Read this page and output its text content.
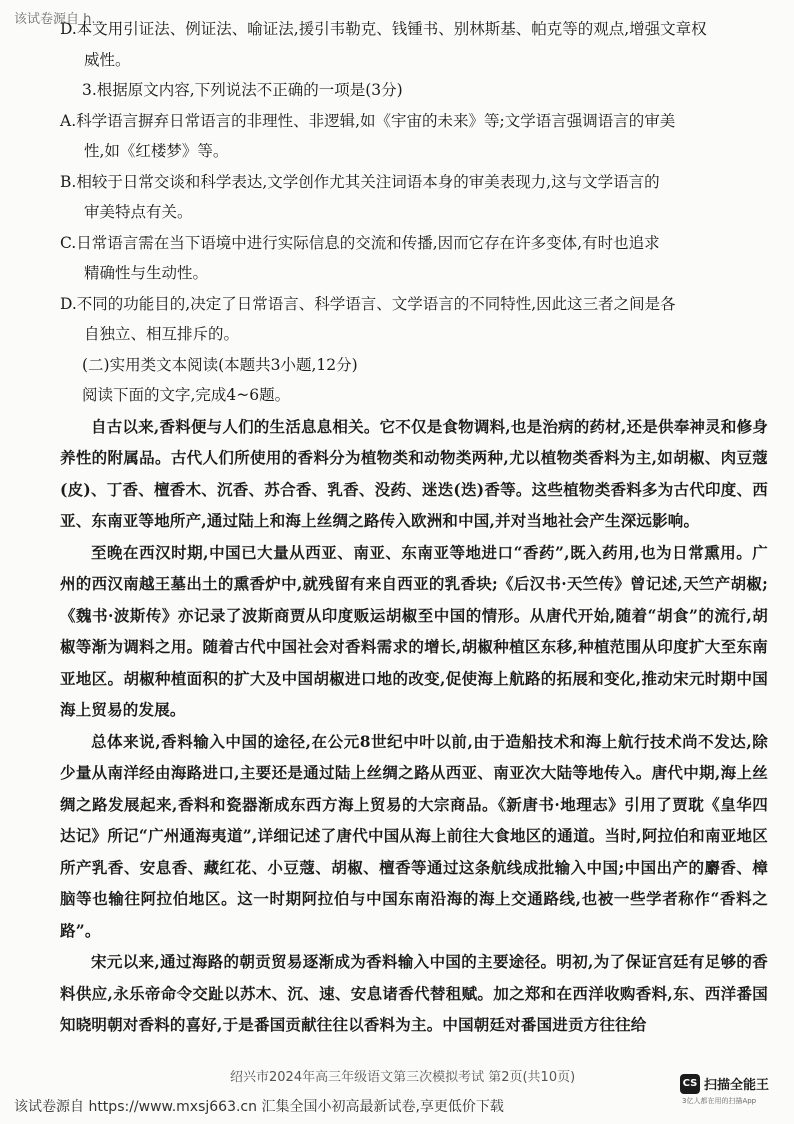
该试卷源自 h...

D.本文用引证法、例证法、喻证法,援引韦勒克、钱锺书、别林斯基、帕克等的观点,增强文章权

威性。

3.根据原文内容,下列说法不正确的一项是(3分)

A.科学语言摒弃日常语言的非理性、非逻辑,如《宇宙的未来》等;文学语言强调语言的审美

性,如《红楼梦》等。

B.相较于日常交谈和科学表达,文学创作尤其关注词语本身的审美表现力,这与文学语言的

审美特点有关。

C.日常语言需在当下语境中进行实际信息的交流和传播,因而它存在许多变体,有时也追求

精确性与生动性。

D.不同的功能目的,决定了日常语言、科学语言、文学语言的不同特性,因此这三者之间是各

自独立、相互排斥的。

(二)实用类文本阅读(本题共3小题,12分)

阅读下面的文字,完成4~6题。

自古以来,香料便与人们的生活息息相关。它不仅是食物调料,也是治病的药材,还是供奉神灵和修身养性的附属品。古代人们所使用的香料分为植物类和动物类两种,尤以植物类香料为主,如胡椒、肉豆蔻(皮)、丁香、檀香木、沉香、苏合香、乳香、没药、迷迭(迭)香等。这些植物类香料多为古代印度、西亚、东南亚等地所产,通过陆上和海上丝绸之路传入欧洲和中国,并对当地社会产生深远影响。

至晚在西汉时期,中国已大量从西亚、南亚、东南亚等地进口“香药”,既入药用,也为日常熏用。广州的西汉南越王墓出土的熏香炉中,就残留有来自西亚的乳香块;《后汉书·天竺传》曾记述,天竺产胡椒;《魏书·波斯传》亦记录了波斯商贾从印度贩运胡椒至中国的情形。从唐代开始,随着“胡食”的流行,胡椒等渐为调料之用。随着古代中国社会对香料需求的增长,胡椒种植区东移,种植范围从印度扩大至东南亚地区。胡椒种植面积的扩大及中国胡椒进口地的改变,促使海上航路的拓展和变化,推动宋元时期中国海上贸易的发展。

总体来说,香料输入中国的途径,在公元8世纪中叶以前,由于造船技术和海上航行技术尚不发达,除少量从南洋经由海路进口,主要还是通过陆上丝绸之路从西亚、南亚次大陆等地传入。唐代中期,海上丝绸之路发展起来,香料和瓷器渐成东西方海上贸易的大宗商品。《新唐书·地理志》引用了贾耽《皇华四达记》所记“广州通海夷道”,详细记述了唐代中国从海上前往大食地区的通道。当时,阿拉伯和南亚地区所产乳香、安息香、藏红花、小豆蔻、胡椒、檀香等通过这条航线成批输入中国;中国出产的麝香、樟脑等也输往阿拉伯地区。这一时期阿拉伯与中国东南沿海的海上交通路线,也被一些学者称作“香料之路”。

宋元以来,通过海路的朝贡贸易逐渐成为香料输入中国的主要途径。明初,为了保证宫廷有足够的香料供应,永乐帝命令交趾以苏木、沉、速、安息诸香代替租赋。加之郑和在西洋收购香料,东、西洋番国知晓明朝对香料的喜好,于是番国贡献往往以香料为主。中国朝廷对番国进贡方往往给

绍兴市2024年高三年级语文第三次模拟考试 第2页(共10页)
该试卷源自 https://www.mxsj663.cn 汇集全国小初高最新试卷,享更低价下载
CS 扫描全能王
3亿人都在用的扫描App
